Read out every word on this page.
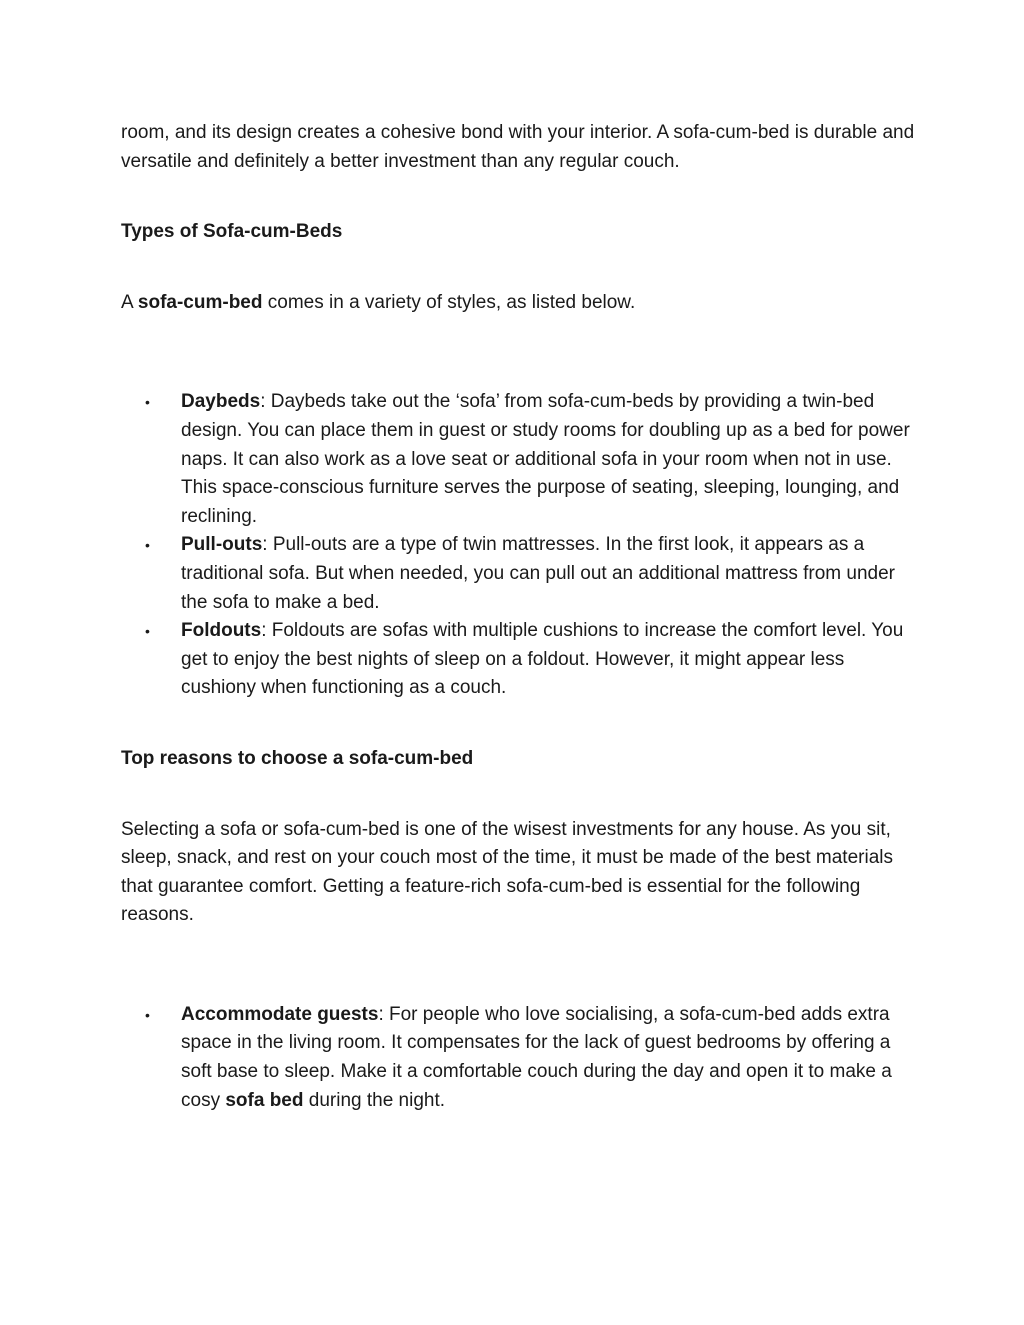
room, and its design creates a cohesive bond with your interior. A sofa-cum-bed is durable and versatile and definitely a better investment than any regular couch.

Types of Sofa-cum-Beds

A sofa-cum-bed comes in a variety of styles, as listed below.

• Daybeds: Daybeds take out the ‘sofa’ from sofa-cum-beds by providing a twin-bed design. You can place them in guest or study rooms for doubling up as a bed for power naps. It can also work as a love seat or additional sofa in your room when not in use. This space-conscious furniture serves the purpose of seating, sleeping, lounging, and reclining.
• Pull-outs: Pull-outs are a type of twin mattresses. In the first look, it appears as a traditional sofa. But when needed, you can pull out an additional mattress from under the sofa to make a bed.
• Foldouts: Foldouts are sofas with multiple cushions to increase the comfort level. You get to enjoy the best nights of sleep on a foldout. However, it might appear less cushiony when functioning as a couch.

Top reasons to choose a sofa-cum-bed

Selecting a sofa or sofa-cum-bed is one of the wisest investments for any house. As you sit, sleep, snack, and rest on your couch most of the time, it must be made of the best materials that guarantee comfort. Getting a feature-rich sofa-cum-bed is essential for the following reasons.

• Accommodate guests: For people who love socialising, a sofa-cum-bed adds extra space in the living room. It compensates for the lack of guest bedrooms by offering a soft base to sleep. Make it a comfortable couch during the day and open it to make a cosy sofa bed during the night.
